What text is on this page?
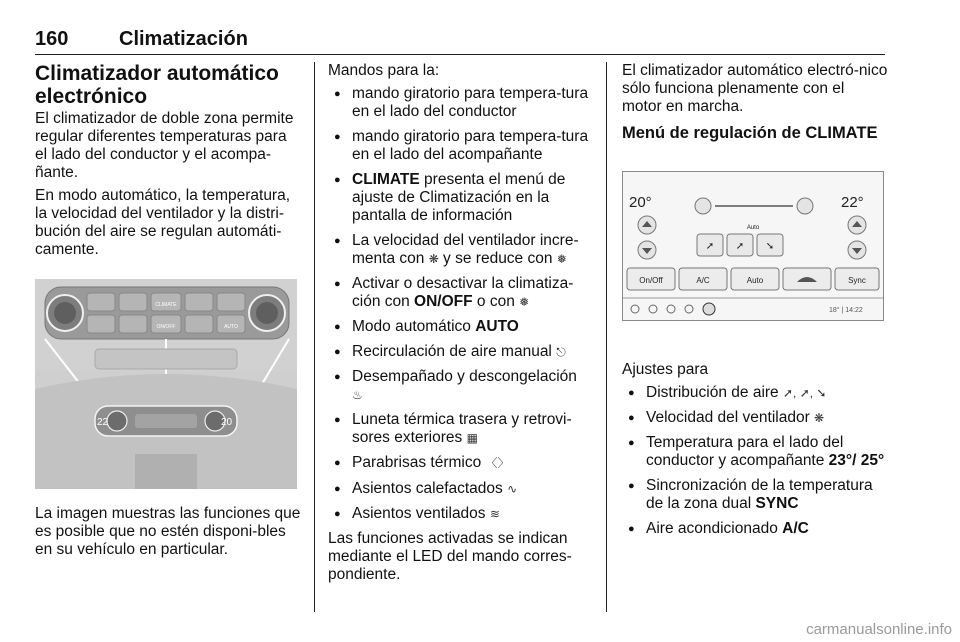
160	Climatización
Climatizador automático electrónico

El climatizador de doble zona permite regular diferentes temperaturas para el lado del conductor y el acompa-ñante.

En modo automático, la temperatura, la velocidad del ventilador y la distri-bución del aire se regulan automáti-camente.

CLIMATE
ON/OFF	AUTO
22	20

La imagen muestras las funciones que es posible que no estén disponi-bles en su vehículo en particular.

Mandos para la:

● mando giratorio para tempera-tura en el lado del conductor
● mando giratorio para tempera-tura en el lado del acompañante
● CLIMATE presenta el menú de ajuste de Climatización en la pantalla de información
● La velocidad del ventilador incre-menta con ❋ y se reduce con ❅
● Activar o desactivar la climatiza-ción con ON/OFF o con ❅
● Modo automático AUTO
● Recirculación de aire manual ⎋
● Desempañado y descongelación
♨
● Luneta térmica trasera y retrovi-sores exteriores ▦
● Parabrisas térmico 〈〉
● Asientos calefactados ∿
● Asientos ventilados ≋

Las funciones activadas se indican mediante el LED del mando corres-pondiente.

El climatizador automático electró-nico sólo funciona plenamente con el motor en marcha.

Menú de regulación de CLIMATE
20°	22°
Auto
➚ ➚ ➘
On/Off	A/C	Auto	Sync
18° | 14:22

Ajustes para

● Distribución de aire ➚, ➚, ➘
● Velocidad del ventilador ❋
● Temperatura para el lado del conductor y acompañante 23°/ 25°
● Sincronización de la temperatura de la zona dual SYNC
● Aire acondicionado A/C
carmanualsonline.info
